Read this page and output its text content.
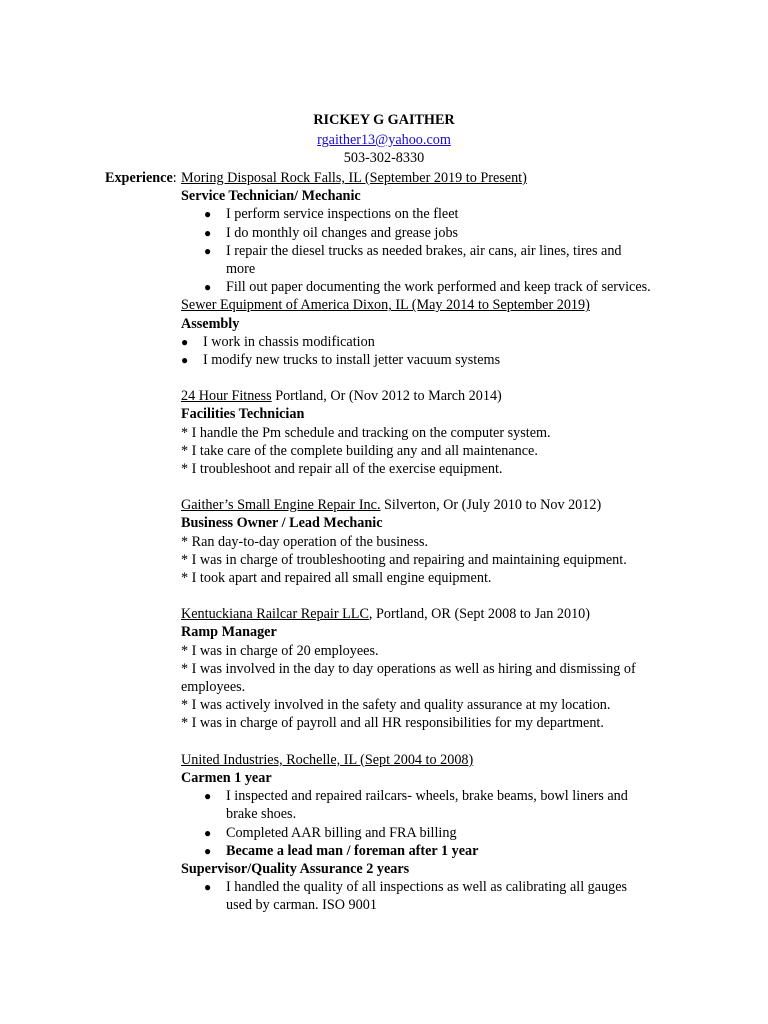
RICKEY G GAITHER
rgaither13@yahoo.com
503-302-8330
Experience: Moring Disposal Rock Falls, IL (September 2019 to Present)
Service Technician/ Mechanic
● I perform service inspections on the fleet
● I do monthly oil changes and grease jobs
● I repair the diesel trucks as needed brakes, air cans, air lines, tires and more
● Fill out paper documenting the work performed and keep track of services.
Sewer Equipment of America Dixon, IL (May 2014 to September 2019)
Assembly
● I work in chassis modification
● I modify new trucks to install jetter vacuum systems
24 Hour Fitness Portland, Or (Nov 2012 to March 2014)
Facilities Technician
* I handle the Pm schedule and tracking on the computer system.
* I take care of the complete building any and all maintenance.
* I troubleshoot and repair all of the exercise equipment.
Gaither’s Small Engine Repair Inc. Silverton, Or (July 2010 to Nov 2012)
Business Owner / Lead Mechanic
* Ran day-to-day operation of the business.
* I was in charge of troubleshooting and repairing and maintaining equipment.
* I took apart and repaired all small engine equipment.
Kentuckiana Railcar Repair LLC, Portland, OR (Sept 2008 to Jan 2010)
Ramp Manager
* I was in charge of 20 employees.
* I was involved in the day to day operations as well as hiring and dismissing of employees.
* I was actively involved in the safety and quality assurance at my location.
* I was in charge of payroll and all HR responsibilities for my department.
United Industries, Rochelle, IL (Sept 2004 to 2008)
Carmen 1 year
● I inspected and repaired railcars- wheels, brake beams, bowl liners and brake shoes.
● Completed AAR billing and FRA billing
● Became a lead man / foreman after 1 year
Supervisor/Quality Assurance 2 years
● I handled the quality of all inspections as well as calibrating all gauges used by carman. ISO 9001
